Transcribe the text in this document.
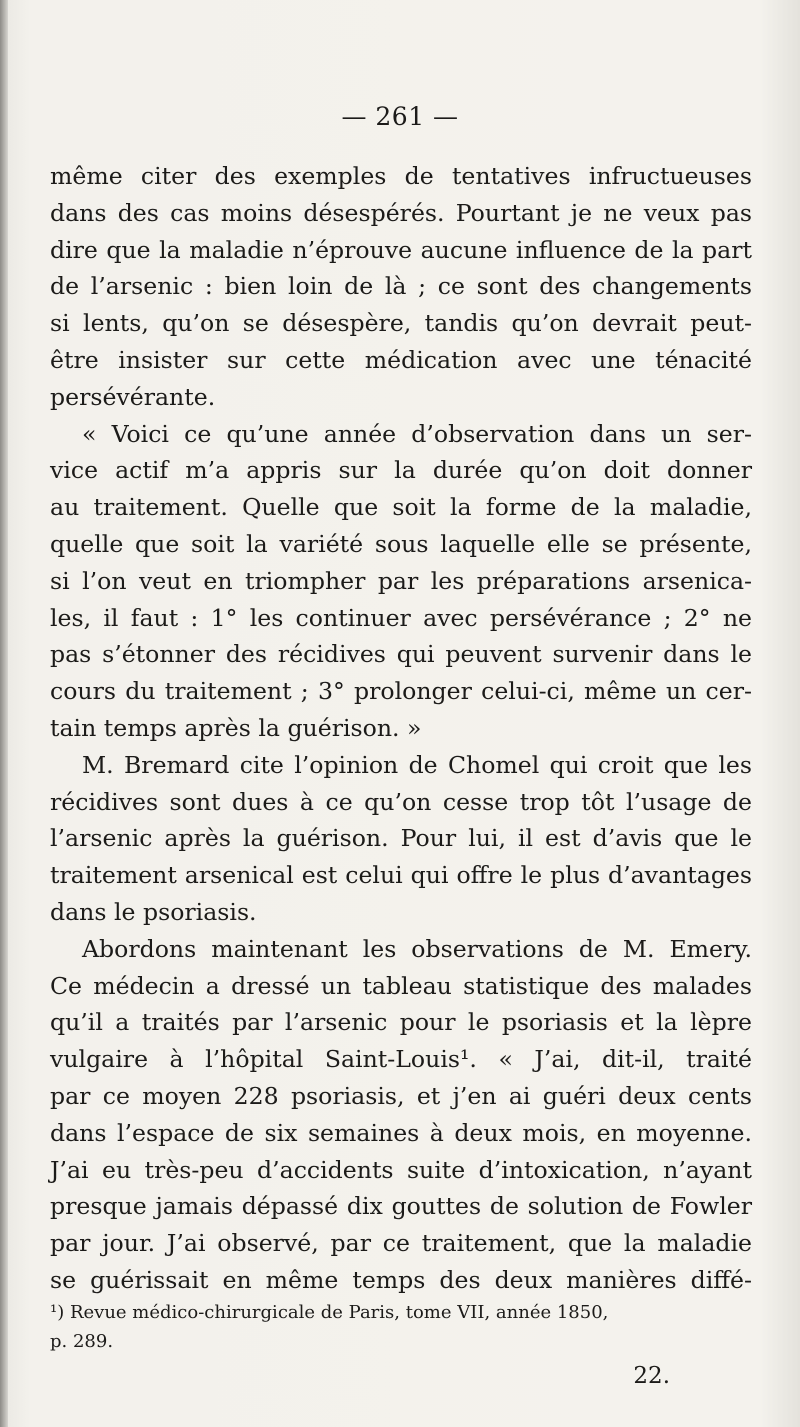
— 261 —
même citer des exemples de tentatives infructueuses
dans des cas moins désespérés. Pourtant je ne veux pas
dire que la maladie n’éprouve aucune influence de la part
de l’arsenic : bien loin de là ; ce sont des changements
si lents, qu’on se désespère, tandis qu’on devrait peut-
être insister sur cette médication avec une ténacité
persévérante.
« Voici ce qu’une année d’observation dans un ser-
vice actif m’a appris sur la durée qu’on doit donner
au traitement. Quelle que soit la forme de la maladie,
quelle que soit la variété sous laquelle elle se présente,
si l’on veut en triompher par les préparations arsenica-
les, il faut : 1° les continuer avec persévérance ; 2° ne
pas s’étonner des récidives qui peuvent survenir dans le
cours du traitement ; 3° prolonger celui-ci, même un cer-
tain temps après la guérison. »
M. Bremard cite l’opinion de Chomel qui croit que les
récidives sont dues à ce qu’on cesse trop tôt l’usage de
l’arsenic après la guérison. Pour lui, il est d’avis que le
traitement arsenical est celui qui offre le plus d’avantages
dans le psoriasis.
Abordons maintenant les observations de M. Emery.
Ce médecin a dressé un tableau statistique des malades
qu’il a traités par l’arsenic pour le psoriasis et la lèpre
vulgaire à l’hôpital Saint-Louis¹. « J’ai, dit-il, traité
par ce moyen 228 psoriasis, et j’en ai guéri deux cents
dans l’espace de six semaines à deux mois, en moyenne.
J’ai eu très-peu d’accidents suite d’intoxication, n’ayant
presque jamais dépassé dix gouttes de solution de Fowler
par jour. J’ai observé, par ce traitement, que la maladie
se guérissait en même temps des deux manières diffé-
¹) Revue médico-chirurgicale de Paris, tome VII, année 1850,
p. 289.
22.
